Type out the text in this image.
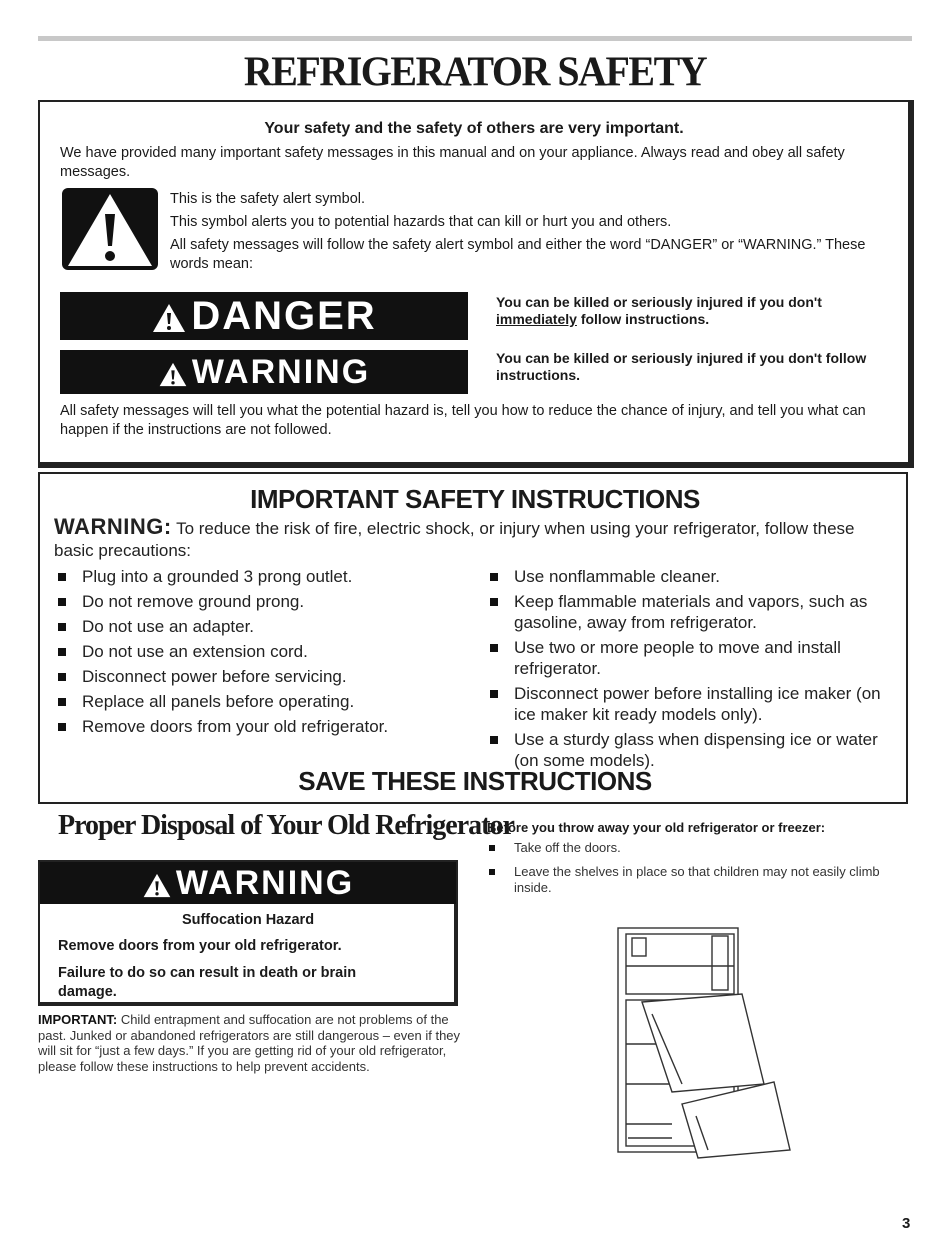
REFRIGERATOR SAFETY
Your safety and the safety of others are very important.
We have provided many important safety messages in this manual and on your appliance. Always read and obey all safety messages.
This is the safety alert symbol.
This symbol alerts you to potential hazards that can kill or hurt you and others.
All safety messages will follow the safety alert symbol and either the word “DANGER” or “WARNING.” These words mean:
DANGER	You can be killed or seriously injured if you don't immediately follow instructions.
WARNING	You can be killed or seriously injured if you don't follow instructions.
All safety messages will tell you what the potential hazard is, tell you how to reduce the chance of injury, and tell you what can happen if the instructions are not followed.
IMPORTANT SAFETY INSTRUCTIONS
WARNING: To reduce the risk of fire, electric shock, or injury when using your refrigerator, follow these basic precautions:
Plug into a grounded 3 prong outlet.
Do not remove ground prong.
Do not use an adapter.
Do not use an extension cord.
Disconnect power before servicing.
Replace all panels before operating.
Remove doors from your old refrigerator.
Use nonflammable cleaner.
Keep flammable materials and vapors, such as gasoline, away from refrigerator.
Use two or more people to move and install refrigerator.
Disconnect power before installing ice maker (on ice maker kit ready models only).
Use a sturdy glass when dispensing ice or water (on some models).
SAVE THESE INSTRUCTIONS
Proper Disposal of Your Old Refrigerator
WARNING
Suffocation Hazard
Remove doors from your old refrigerator.
Failure to do so can result in death or brain damage.
IMPORTANT: Child entrapment and suffocation are not problems of the past. Junked or abandoned refrigerators are still dangerous – even if they will sit for “just a few days.” If you are getting rid of your old refrigerator, please follow these instructions to help prevent accidents.
Before you throw away your old refrigerator or freezer:
Take off the doors.
Leave the shelves in place so that children may not easily climb inside.
3
